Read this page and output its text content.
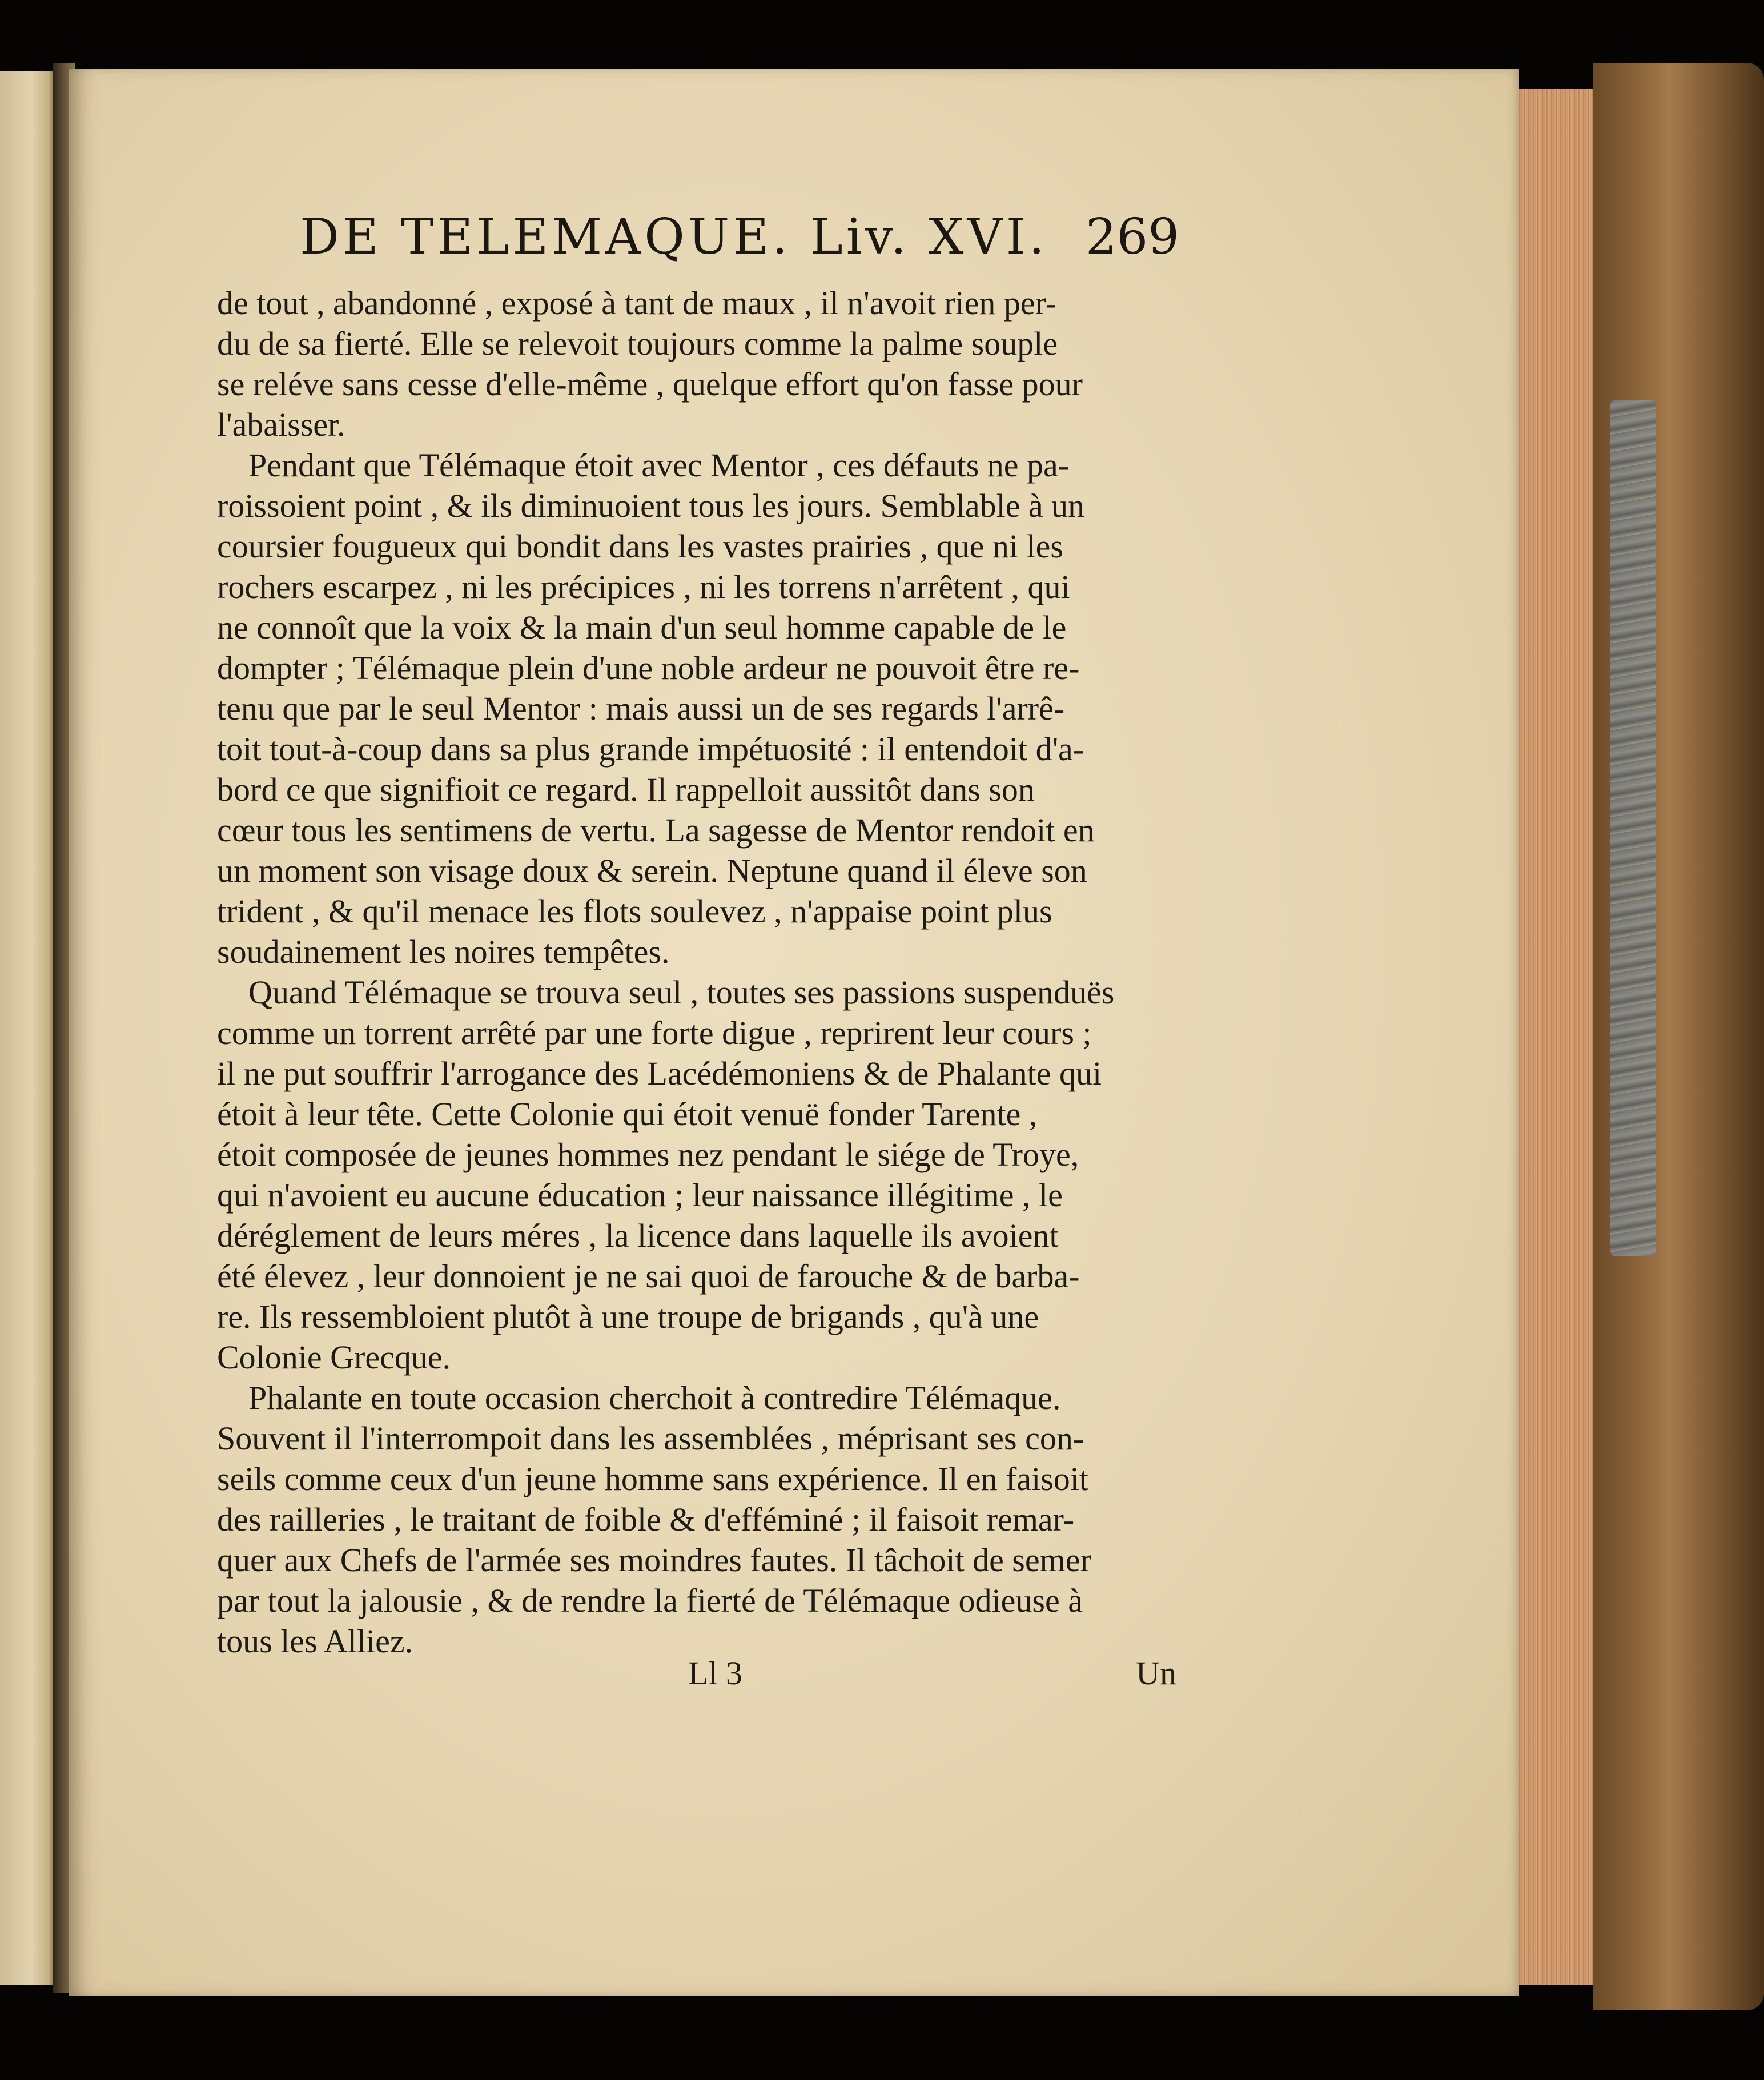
DE TELEMAQUE. Liv. XVI. 269
de tout , abandonné , exposé à tant de maux , il n'avoit rien per-
du de sa fierté. Elle se relevoit toujours comme la palme souple
se reléve sans cesse d'elle-même , quelque effort qu'on fasse pour
l'abaisser.
Pendant que Télémaque étoit avec Mentor , ces défauts ne pa-
roissoient point , & ils diminuoient tous les jours. Semblable à un
coursier fougueux qui bondit dans les vastes prairies , que ni les
rochers escarpez , ni les précipices , ni les torrens n'arrêtent , qui
ne connoît que la voix & la main d'un seul homme capable de le
dompter ; Télémaque plein d'une noble ardeur ne pouvoit être re-
tenu que par le seul Mentor : mais aussi un de ses regards l'arrê-
toit tout-à-coup dans sa plus grande impétuosité : il entendoit d'a-
bord ce que signifioit ce regard. Il rappelloit aussitôt dans son
cœur tous les sentimens de vertu. La sagesse de Mentor rendoit en
un moment son visage doux & serein. Neptune quand il éleve son
trident , & qu'il menace les flots soulevez , n'appaise point plus
soudainement les noires tempêtes.
Quand Télémaque se trouva seul , toutes ses passions suspenduës
comme un torrent arrêté par une forte digue , reprirent leur cours ;
il ne put souffrir l'arrogance des Lacédémoniens & de Phalante qui
étoit à leur tête. Cette Colonie qui étoit venuë fonder Tarente ,
étoit composée de jeunes hommes nez pendant le siége de Troye,
qui n'avoient eu aucune éducation ; leur naissance illégitime , le
déréglement de leurs méres , la licence dans laquelle ils avoient
été élevez , leur donnoient je ne sai quoi de farouche & de barba-
re. Ils ressembloient plutôt à une troupe de brigands , qu'à une
Colonie Grecque.
Phalante en toute occasion cherchoit à contredire Télémaque.
Souvent il l'interrompoit dans les assemblées , méprisant ses con-
seils comme ceux d'un jeune homme sans expérience. Il en faisoit
des railleries , le traitant de foible & d'efféminé ; il faisoit remar-
quer aux Chefs de l'armée ses moindres fautes. Il tâchoit de semer
par tout la jalousie , & de rendre la fierté de Télémaque odieuse à
tous les Alliez.
Ll 3	Un
